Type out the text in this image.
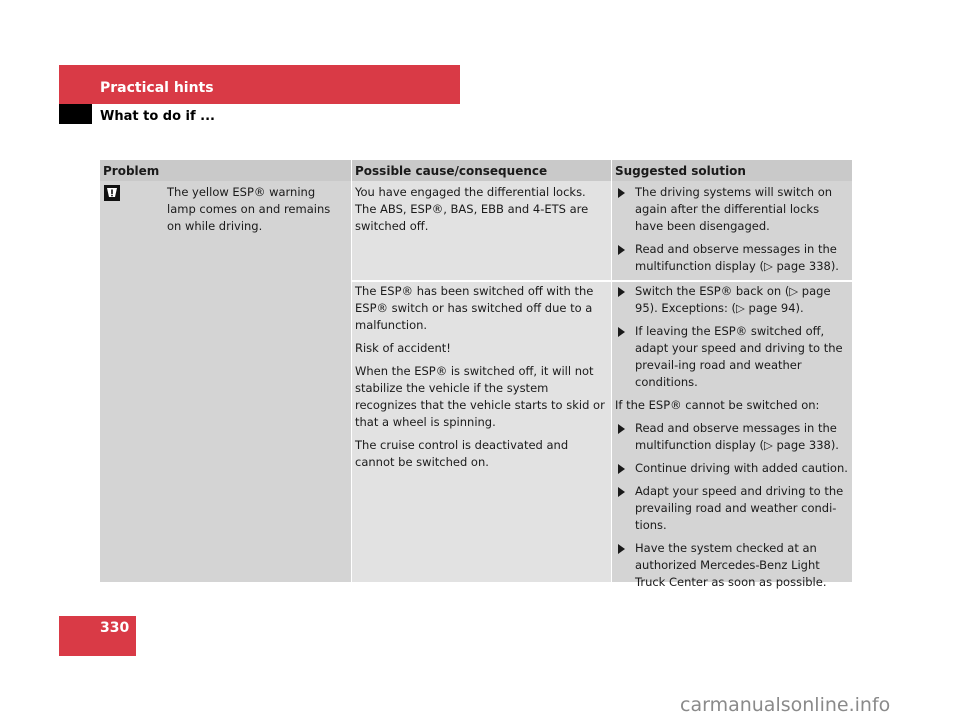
Practical hints
What to do if ...
Problem	Possible cause/consequence	Suggested solution
The yellow ESP® warning lamp comes on and remains on while driving.
You have engaged the differential locks. The ABS, ESP®, BAS, EBB and 4-ETS are switched off.
The driving systems will switch on again after the differential locks have been disengaged.
Read and observe messages in the multifunction display (▷ page 338).

The ESP® has been switched off with the ESP® switch or has switched off due to a malfunction.

Risk of accident!

When the ESP® is switched off, it will not stabilize the vehicle if the system recognizes that the vehicle starts to skid or that a wheel is spinning.

The cruise control is deactivated and cannot be switched on.

Switch the ESP® back on (▷ page 95). Exceptions: (▷ page 94).
If leaving the ESP® switched off, adapt your speed and driving to the prevail-ing road and weather conditions.

If the ESP® cannot be switched on:

Read and observe messages in the multifunction display (▷ page 338).
Continue driving with added caution.
Adapt your speed and driving to the prevailing road and weather condi-tions.
Have the system checked at an authorized Mercedes-Benz Light Truck Center as soon as possible.
330
carmanualsonline.info
